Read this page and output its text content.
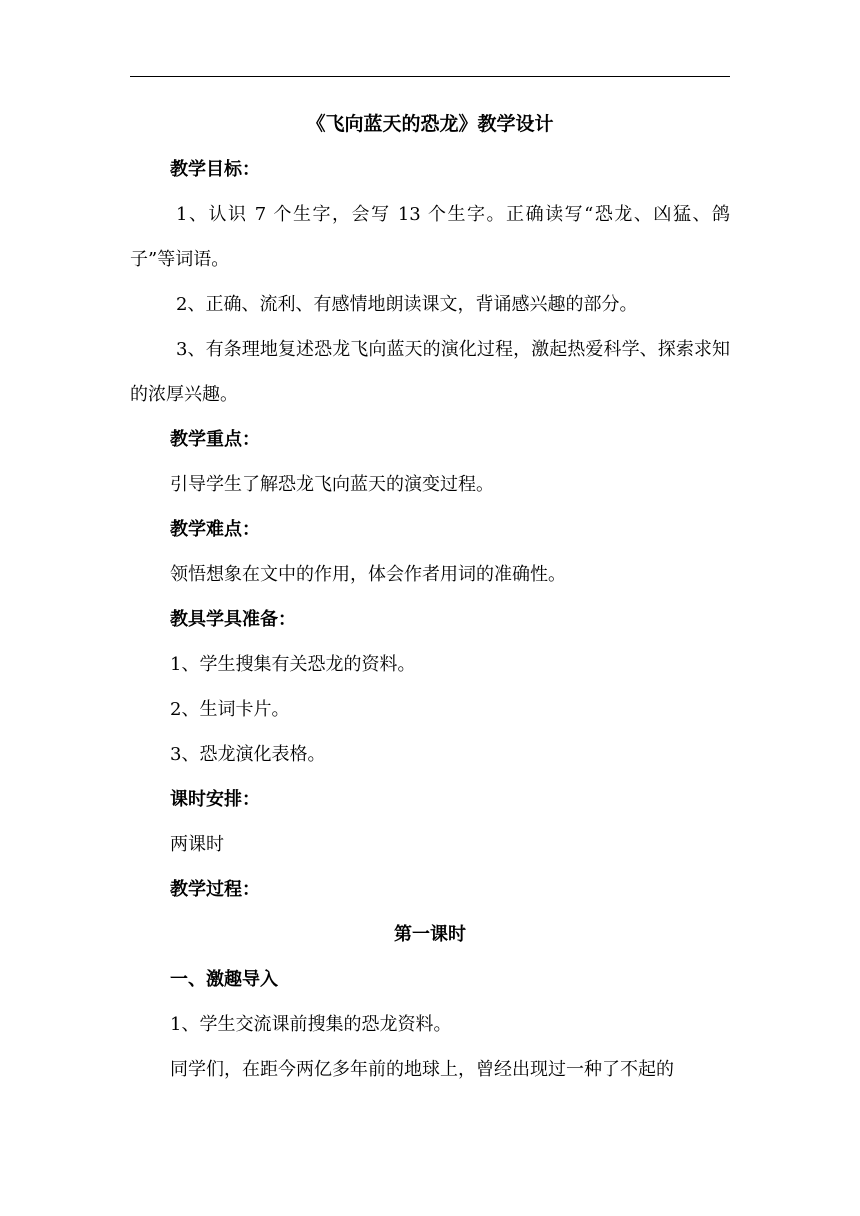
《飞向蓝天的恐龙》教学设计
教学目标：
1、认识 7 个生字，会写 13 个生字。正确读写“恐龙、凶猛、鸽子”等词语。
2、正确、流利、有感情地朗读课文，背诵感兴趣的部分。
3、有条理地复述恐龙飞向蓝天的演化过程，激起热爱科学、探索求知的浓厚兴趣。
教学重点：
引导学生了解恐龙飞向蓝天的演变过程。
教学难点：
领悟想象在文中的作用，体会作者用词的准确性。
教具学具准备：
1、学生搜集有关恐龙的资料。
2、生词卡片。
3、恐龙演化表格。
课时安排：
两课时
教学过程：
第一课时
一、激趣导入
1、学生交流课前搜集的恐龙资料。
同学们，在距今两亿多年前的地球上，曾经出现过一种了不起的
